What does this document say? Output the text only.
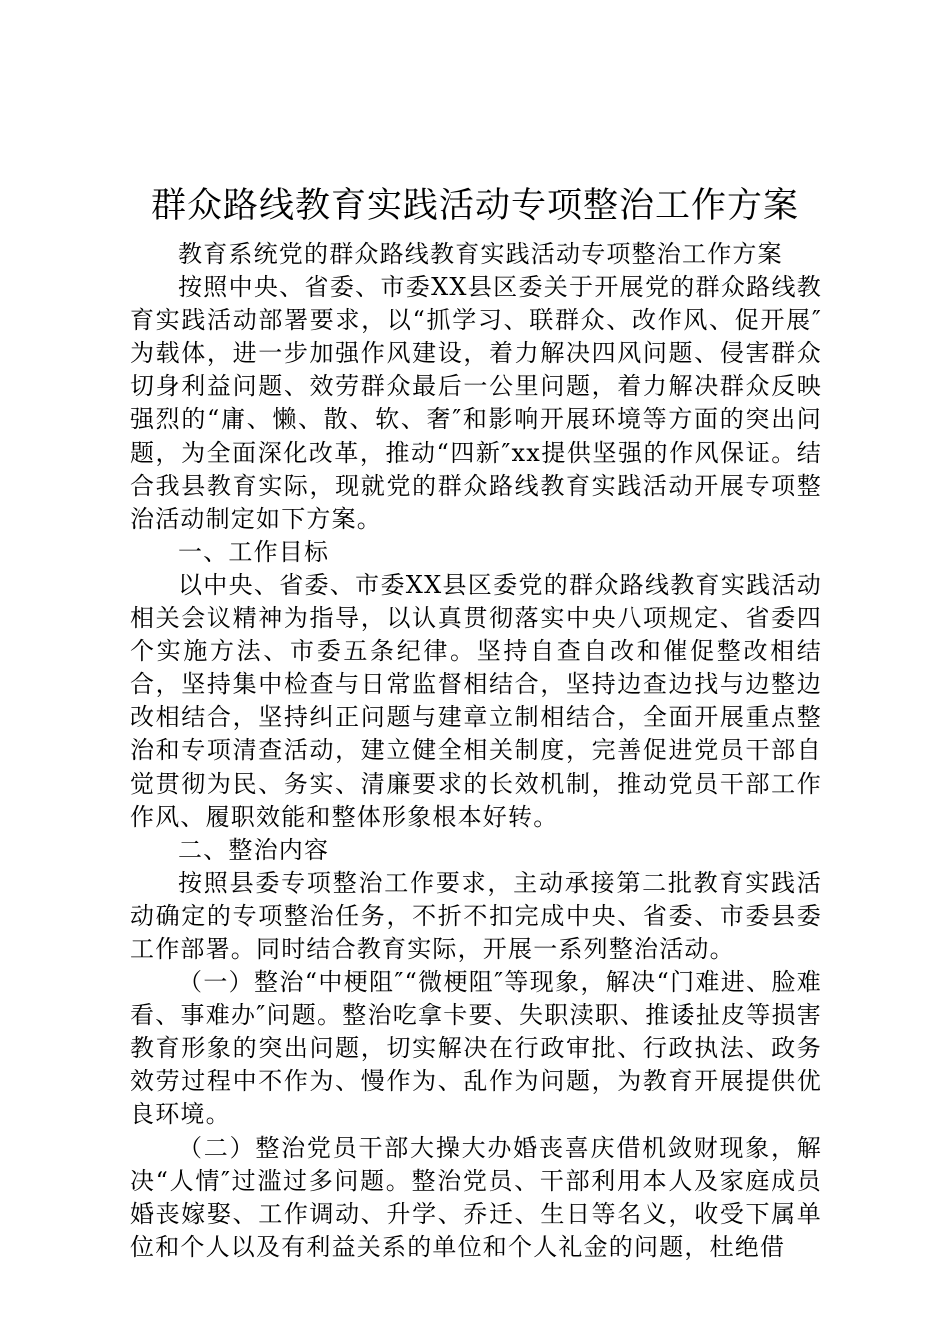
群众路线教育实践活动专项整治工作方案

教育系统党的群众路线教育实践活动专项整治工作方案

按照中央、省委、市委XX县区委关于开展党的群众路线教育实践活动部署要求，以“抓学习、联群众、改作风、促开展″为载体，进一步加强作风建设，着力解决四风问题、侵害群众切身利益问题、效劳群众最后一公里问题，着力解决群众反映强烈的“庸、懒、散、软、奢″和影响开展环境等方面的突出问题，为全面深化改革，推动“四新″xx提供坚强的作风保证。结合我县教育实际，现就党的群众路线教育实践活动开展专项整治活动制定如下方案。

一、工作目标

以中央、省委、市委XX县区委党的群众路线教育实践活动相关会议精神为指导，以认真贯彻落实中央八项规定、省委四个实施方法、市委五条纪律。坚持自查自改和催促整改相结合，坚持集中检查与日常监督相结合，坚持边查边找与边整边改相结合，坚持纠正问题与建章立制相结合，全面开展重点整治和专项清查活动，建立健全相关制度，完善促进党员干部自觉贯彻为民、务实、清廉要求的长效机制，推动党员干部工作作风、履职效能和整体形象根本好转。

二、整治内容

按照县委专项整治工作要求，主动承接第二批教育实践活动确定的专项整治任务，不折不扣完成中央、省委、市委县委工作部署。同时结合教育实际，开展一系列整治活动。

（一）整治“中梗阻″“微梗阻″等现象，解决“门难进、脸难看、事难办″问题。整治吃拿卡要、失职渎职、推诿扯皮等损害教育形象的突出问题，切实解决在行政审批、行政执法、政务效劳过程中不作为、慢作为、乱作为问题，为教育开展提供优良环境。

（二）整治党员干部大操大办婚丧喜庆借机敛财现象，解决“人情″过滥过多问题。整治党员、干部利用本人及家庭成员婚丧嫁娶、工作调动、升学、乔迁、生日等名义，收受下属单位和个人以及有利益关系的单位和个人礼金的问题，杜绝借
